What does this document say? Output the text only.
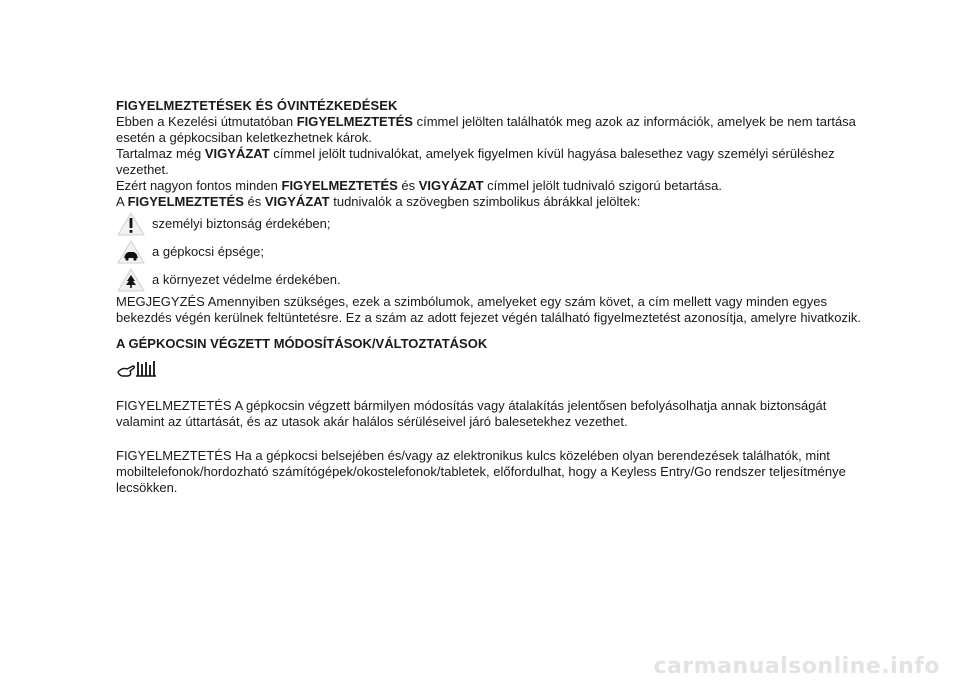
FIGYELMEZTETÉSEK ÉS ÓVINTÉZKEDÉSEK

Ebben a Kezelési útmutatóban FIGYELMEZTETÉS címmel jelölten találhatók meg azok az információk, amelyek be nem tartása esetén a gépkocsiban keletkezhetnek károk.

Tartalmaz még VIGYÁZAT címmel jelölt tudnivalókat, amelyek figyelmen kívül hagyása balesethez vagy személyi sérüléshez vezethet.

Ezért nagyon fontos minden FIGYELMEZTETÉS és VIGYÁZAT címmel jelölt tudnivaló szigorú betartása.

A FIGYELMEZTETÉS és VIGYÁZAT tudnivalók a szövegben szimbolikus ábrákkal jelöltek:

személyi biztonság érdekében;
a gépkocsi épsége;
a környezet védelme érdekében.

MEGJEGYZÉS Amennyiben szükséges, ezek a szimbólumok, amelyeket egy szám követ, a cím mellett vagy minden egyes bekezdés végén kerülnek feltüntetésre. Ez a szám az adott fejezet végén található figyelmeztetést azonosítja, amelyre hivatkozik.

A GÉPKOCSIN VÉGZETT MÓDOSÍTÁSOK/VÁLTOZTATÁSOK

FIGYELMEZTETÉS A gépkocsin végzett bármilyen módosítás vagy átalakítás jelentősen befolyásolhatja annak biztonságát valamint az úttartását, és az utasok akár halálos sérüléseivel járó balesetekhez vezethet.

FIGYELMEZTETÉS Ha a gépkocsi belsejében és/vagy az elektronikus kulcs közelében olyan berendezések találhatók, mint mobiltelefonok/hordozható számítógépek/okostelefonok/tabletek, előfordulhat, hogy a Keyless Entry/Go rendszer teljesítménye lecsökken.

carmanualsonline.info
